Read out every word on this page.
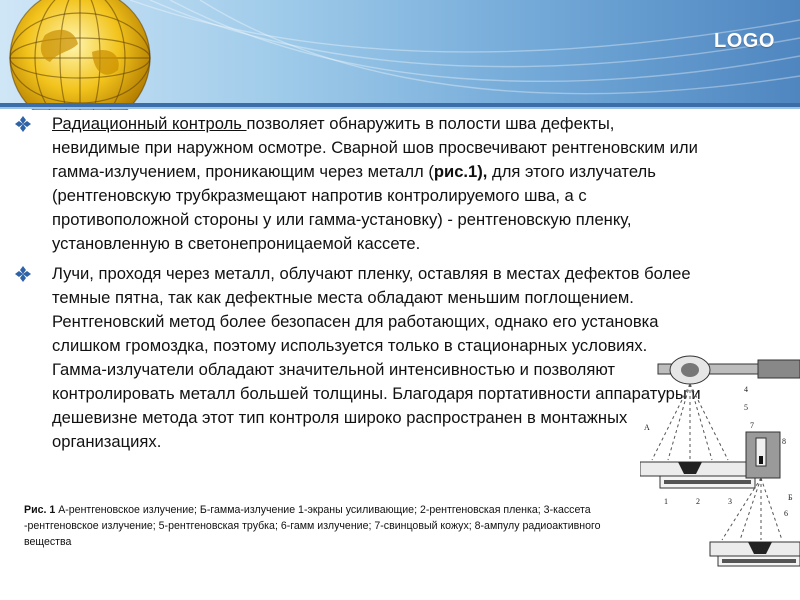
LOGO
Радиационный контроль позволяет обнаружить в полости шва дефекты, невидимые при наружном осмотре. Сварной шов просвечивают рентгеновским или гамма-излучением, проникающим через металл (рис.1), для этого излучатель (рентгеновскую трубкразмещают напротив контролируемого шва, а с противоположной стороны у или гамма-установку) - рентгеновскую пленку, установленную в светонепроницаемой кассете.
Лучи, проходя через металл, облучают пленку, оставляя в местах дефектов более темные пятна, так как дефектные места обладают меньшим поглощением. Рентгеновский метод более безопасен для работающих, однако его установка слишком громоздка, поэтому используется только в стационарных условиях. Гамма-излучатели обладают значительной интенсивностью и позволяют контролировать металл большей толщины. Благодаря портативности аппаратуры и дешевизне метода этот тип контроля широко распространен в монтажных организациях.
Рис. 1 А-рентгеновское излучение; Б-гамма-излучение 1-экраны усиливающие; 2-рентгеновская пленка; 3-кассета -рентгеновское излучение; 5-рентгеновская трубка; 6-гамм излучение; 7-свинцовый кожух; 8-ампулу радиоактивного вещества
А
Б
4
5
7
8
6
1	2	3
